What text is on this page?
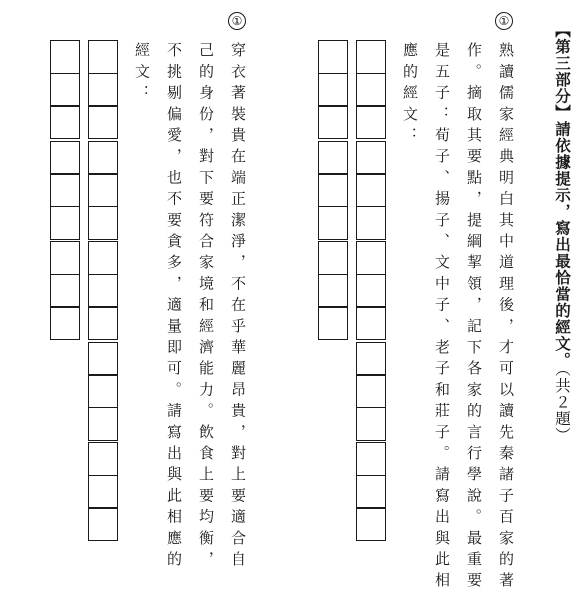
【第三部分】請依據提示，寫出最恰當的經文。（共２題）
①
熟讀儒家經典明白其中道理後，才可以讀先秦諸子百家的著
作。摘取其要點，提綱挈領，記下各家的言行學說。最重要
是五子：荀子、揚子、文中子、老子和莊子。請寫出與此相
應的經文：
①
穿衣著裝貴在端正潔淨，不在乎華麗昂貴，對上要適合自
己的身份，對下要符合家境和經濟能力。飲食上要均衡，
不挑剔偏愛，也不要貪多，適量即可。請寫出與此相應的
經文：
